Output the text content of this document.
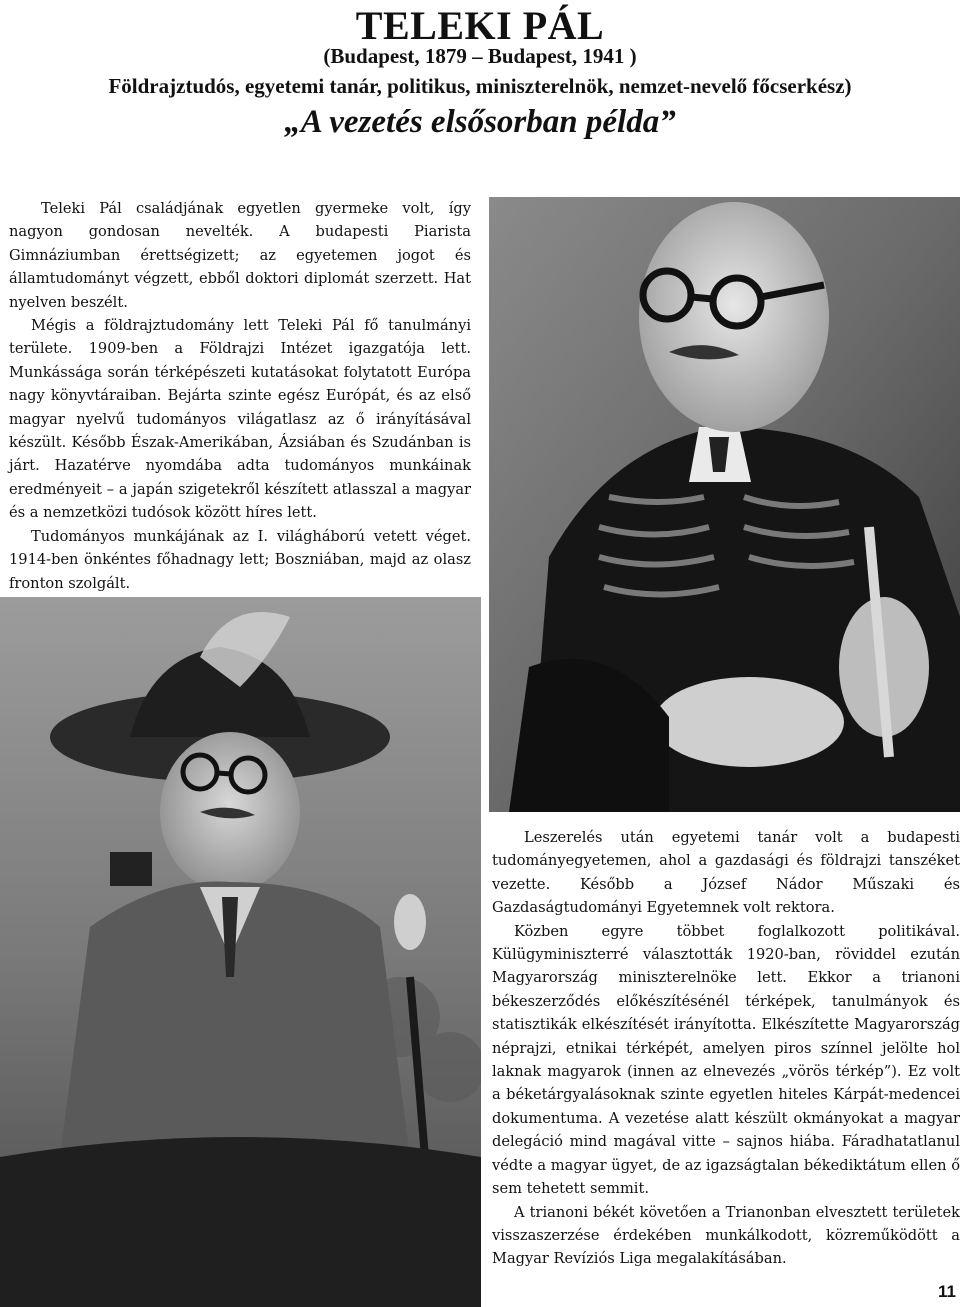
TELEKI PÁL
(Budapest, 1879 – Budapest, 1941 )
Földrajztudós, egyetemi tanár, politikus, miniszterelnök, nemzet-nevelő főcserkész)
„A vezetés elsősorban példa”

Teleki Pál családjának egyetlen gyermeke volt, így nagyon gondosan nevelték. A budapesti Piarista Gimnáziumban érettségizett; az egyetemen jogot és államtudományt végzett, ebből doktori diplomát szerzett. Hat nyelven beszélt.

Mégis a földrajztudomány lett Teleki Pál fő tanulmányi területe. 1909-ben a Földrajzi Intézet igazgatója lett. Munkássága során térképészeti kutatásokat folytatott Európa nagy könyvtáraiban. Bejárta szinte egész Európát, és az első magyar nyelvű tudományos világatlasz az ő irányításával készült. Később Észak-Amerikában, Ázsiában és Szudánban is járt. Hazatérve nyomdába adta tudományos munkáinak eredményeit – a japán szigetekről készített atlasszal a magyar és a nemzetközi tudósok között híres lett.

Tudományos munkájának az I. világháború vetett véget. 1914-ben önkéntes főhadnagy lett; Boszniában, majd az olasz fronton szolgált.

Leszerelés után egyetemi tanár volt a budapesti tudományegyetemen, ahol a gazdasági és földrajzi tanszéket vezette. Később a József Nádor Műszaki és Gazdaságtudományi Egyetemnek volt rektora.

Közben egyre többet foglalkozott politikával. Külügyminiszterré választották 1920-ban, röviddel ezután Magyarország miniszterelnöke lett. Ekkor a trianoni békeszerződés előkészítésénél térképek, tanulmányok és statisztikák elkészítését irányította. Elkészítette Magyarország néprajzi, etnikai térképét, amelyen piros színnel jelölte hol laknak magyarok (innen az elnevezés „vörös térkép”). Ez volt a béketárgyalásoknak szinte egyetlen hiteles Kárpát-medencei dokumentuma. A vezetése alatt készült okmányokat a magyar delegáció mind magával vitte – sajnos hiába. Fáradhatatlanul védte a magyar ügyet, de az igazságtalan békediktátum ellen ő sem tehetett semmit.

A trianoni békét követően a Trianonban elvesztett területek visszaszerzése érdekében munkálkodott, közreműködött a Magyar Revíziós Liga megalakításában.

11
